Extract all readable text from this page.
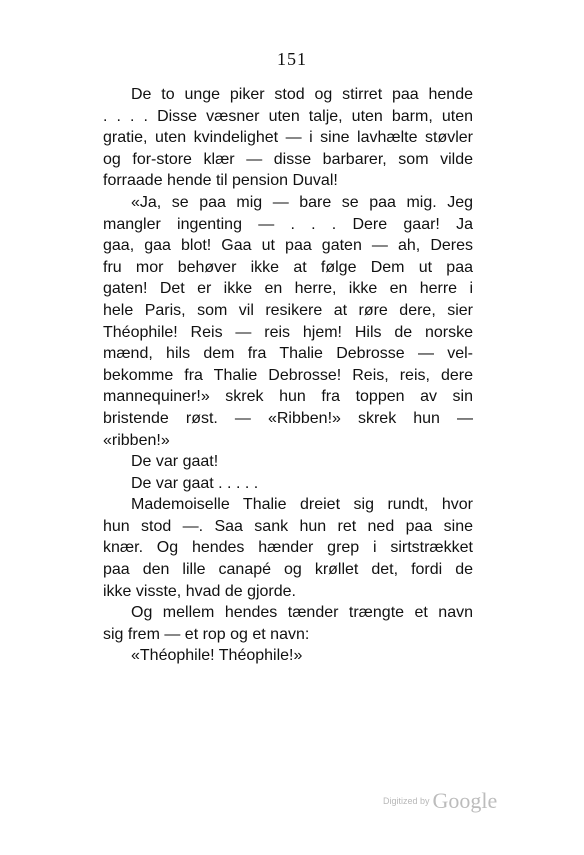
151
De to unge piker stod og stirret paa hende
. . . . Disse væsner uten talje, uten barm, uten
gratie, uten kvindelighet — i sine lavhælte støvler
og for-store klær — disse barbarer, som vilde
forraade hende til pension Duval!
«Ja, se paa mig — bare se paa mig. Jeg
mangler ingenting — . . . Dere gaar! Ja
gaa, gaa blot! Gaa ut paa gaten — ah, Deres
fru mor behøver ikke at følge Dem ut paa
gaten! Det er ikke en herre, ikke en herre i
hele Paris, som vil resikere at røre dere, sier
Théophile! Reis — reis hjem! Hils de norske
mænd, hils dem fra Thalie Debrosse — vel-
bekomme fra Thalie Debrosse! Reis, reis, dere
mannequiner!» skrek hun fra toppen av sin
bristende røst. — «Ribben!» skrek hun —
«ribben!»
De var gaat!
De var gaat . . . . .
Mademoiselle Thalie dreiet sig rundt, hvor
hun stod —. Saa sank hun ret ned paa sine
knær. Og hendes hænder grep i sirtstrækket
paa den lille canapé og krøllet det, fordi de
ikke visste, hvad de gjorde.
Og mellem hendes tænder trængte et navn
sig frem — et rop og et navn:
«Théophile! Théophile!»
Digitized by Google
